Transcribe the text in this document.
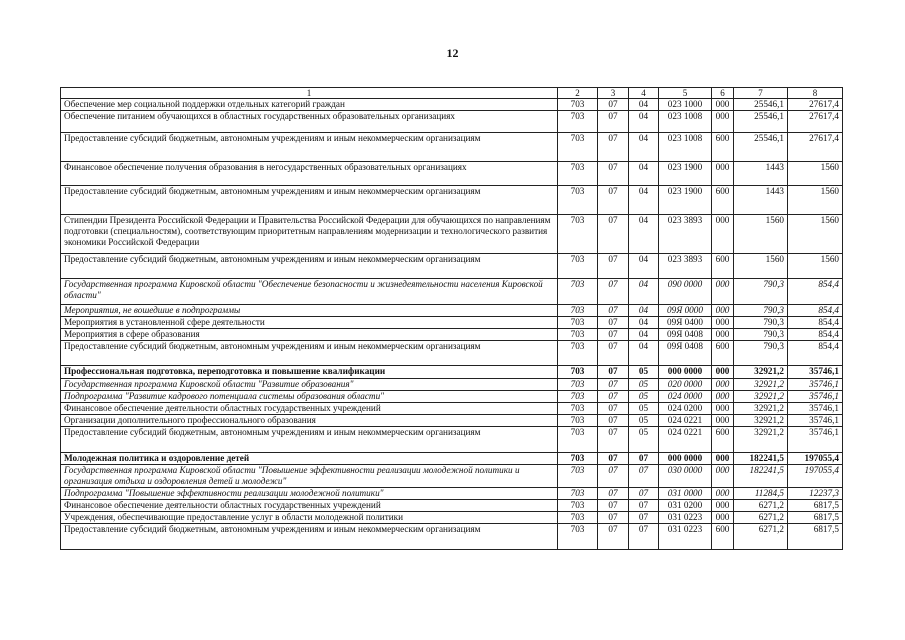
12
1	2	3	4	5	6	7	8
Обеспечение мер социальной поддержки отдельных категорий граждан	703	07	04	023 1000	000	25546,1	27617,4
Обеспечение питанием обучающихся в областных государственных образовательных организациях	703	07	04	023 1008	000	25546,1	27617,4
Предоставление субсидий бюджетным, автономным учреждениям и иным некоммерческим организациям	703	07	04	023 1008	600	25546,1	27617,4
Финансовое обеспечение получения образования в негосударственных образовательных организациях	703	07	04	023 1900	000	1443	1560
Предоставление субсидий бюджетным, автономным учреждениям и иным некоммерческим организациям	703	07	04	023 1900	600	1443	1560
Стипендии Президента Российской Федерации и Правительства Российской Федерации для обучающихся по направлениям подготовки (специальностям), соответствующим приоритетным направлениям модернизации и технологического развития экономики Российской Федерации	703	07	04	023 3893	000	1560	1560
Предоставление субсидий бюджетным, автономным учреждениям и иным некоммерческим организациям	703	07	04	023 3893	600	1560	1560
Государственная программа Кировской области "Обеспечение безопасности и жизнедеятельности населения Кировской области"	703	07	04	090 0000	000	790,3	854,4
Мероприятия, не вошедшие в подпрограммы	703	07	04	09Я 0000	000	790,3	854,4
Мероприятия в установленной сфере деятельности	703	07	04	09Я 0400	000	790,3	854,4
Мероприятия в сфере образования	703	07	04	09Я 0408	000	790,3	854,4
Предоставление субсидий бюджетным, автономным учреждениям и иным некоммерческим организациям	703	07	04	09Я 0408	600	790,3	854,4
Профессиональная подготовка, переподготовка и повышение квалификации	703	07	05	000 0000	000	32921,2	35746,1
Государственная программа Кировской области "Развитие образования"	703	07	05	020 0000	000	32921,2	35746,1
Подпрограмма "Развитие кадрового потенциала системы образования области"	703	07	05	024 0000	000	32921,2	35746,1
Финансовое обеспечение деятельности областных государственных учреждений	703	07	05	024 0200	000	32921,2	35746,1
Организации дополнительного профессионального образования	703	07	05	024 0221	000	32921,2	35746,1
Предоставление субсидий бюджетным, автономным учреждениям и иным некоммерческим организациям	703	07	05	024 0221	600	32921,2	35746,1
Молодежная политика и оздоровление детей	703	07	07	000 0000	000	182241,5	197055,4
Государственная программа Кировской области "Повышение эффективности реализации молодежной политики и организация отдыха и оздоровления детей и молодежи"	703	07	07	030 0000	000	182241,5	197055,4
Подпрограмма "Повышение эффективности реализации молодежной политики"	703	07	07	031 0000	000	11284,5	12237,3
Финансовое обеспечение деятельности областных государственных учреждений	703	07	07	031 0200	000	6271,2	6817,5
Учреждения, обеспечивающие предоставление услуг в области молодежной политики	703	07	07	031 0223	000	6271,2	6817,5
Предоставление субсидий бюджетным, автономным учреждениям и иным некоммерческим организациям	703	07	07	031 0223	600	6271,2	6817,5
